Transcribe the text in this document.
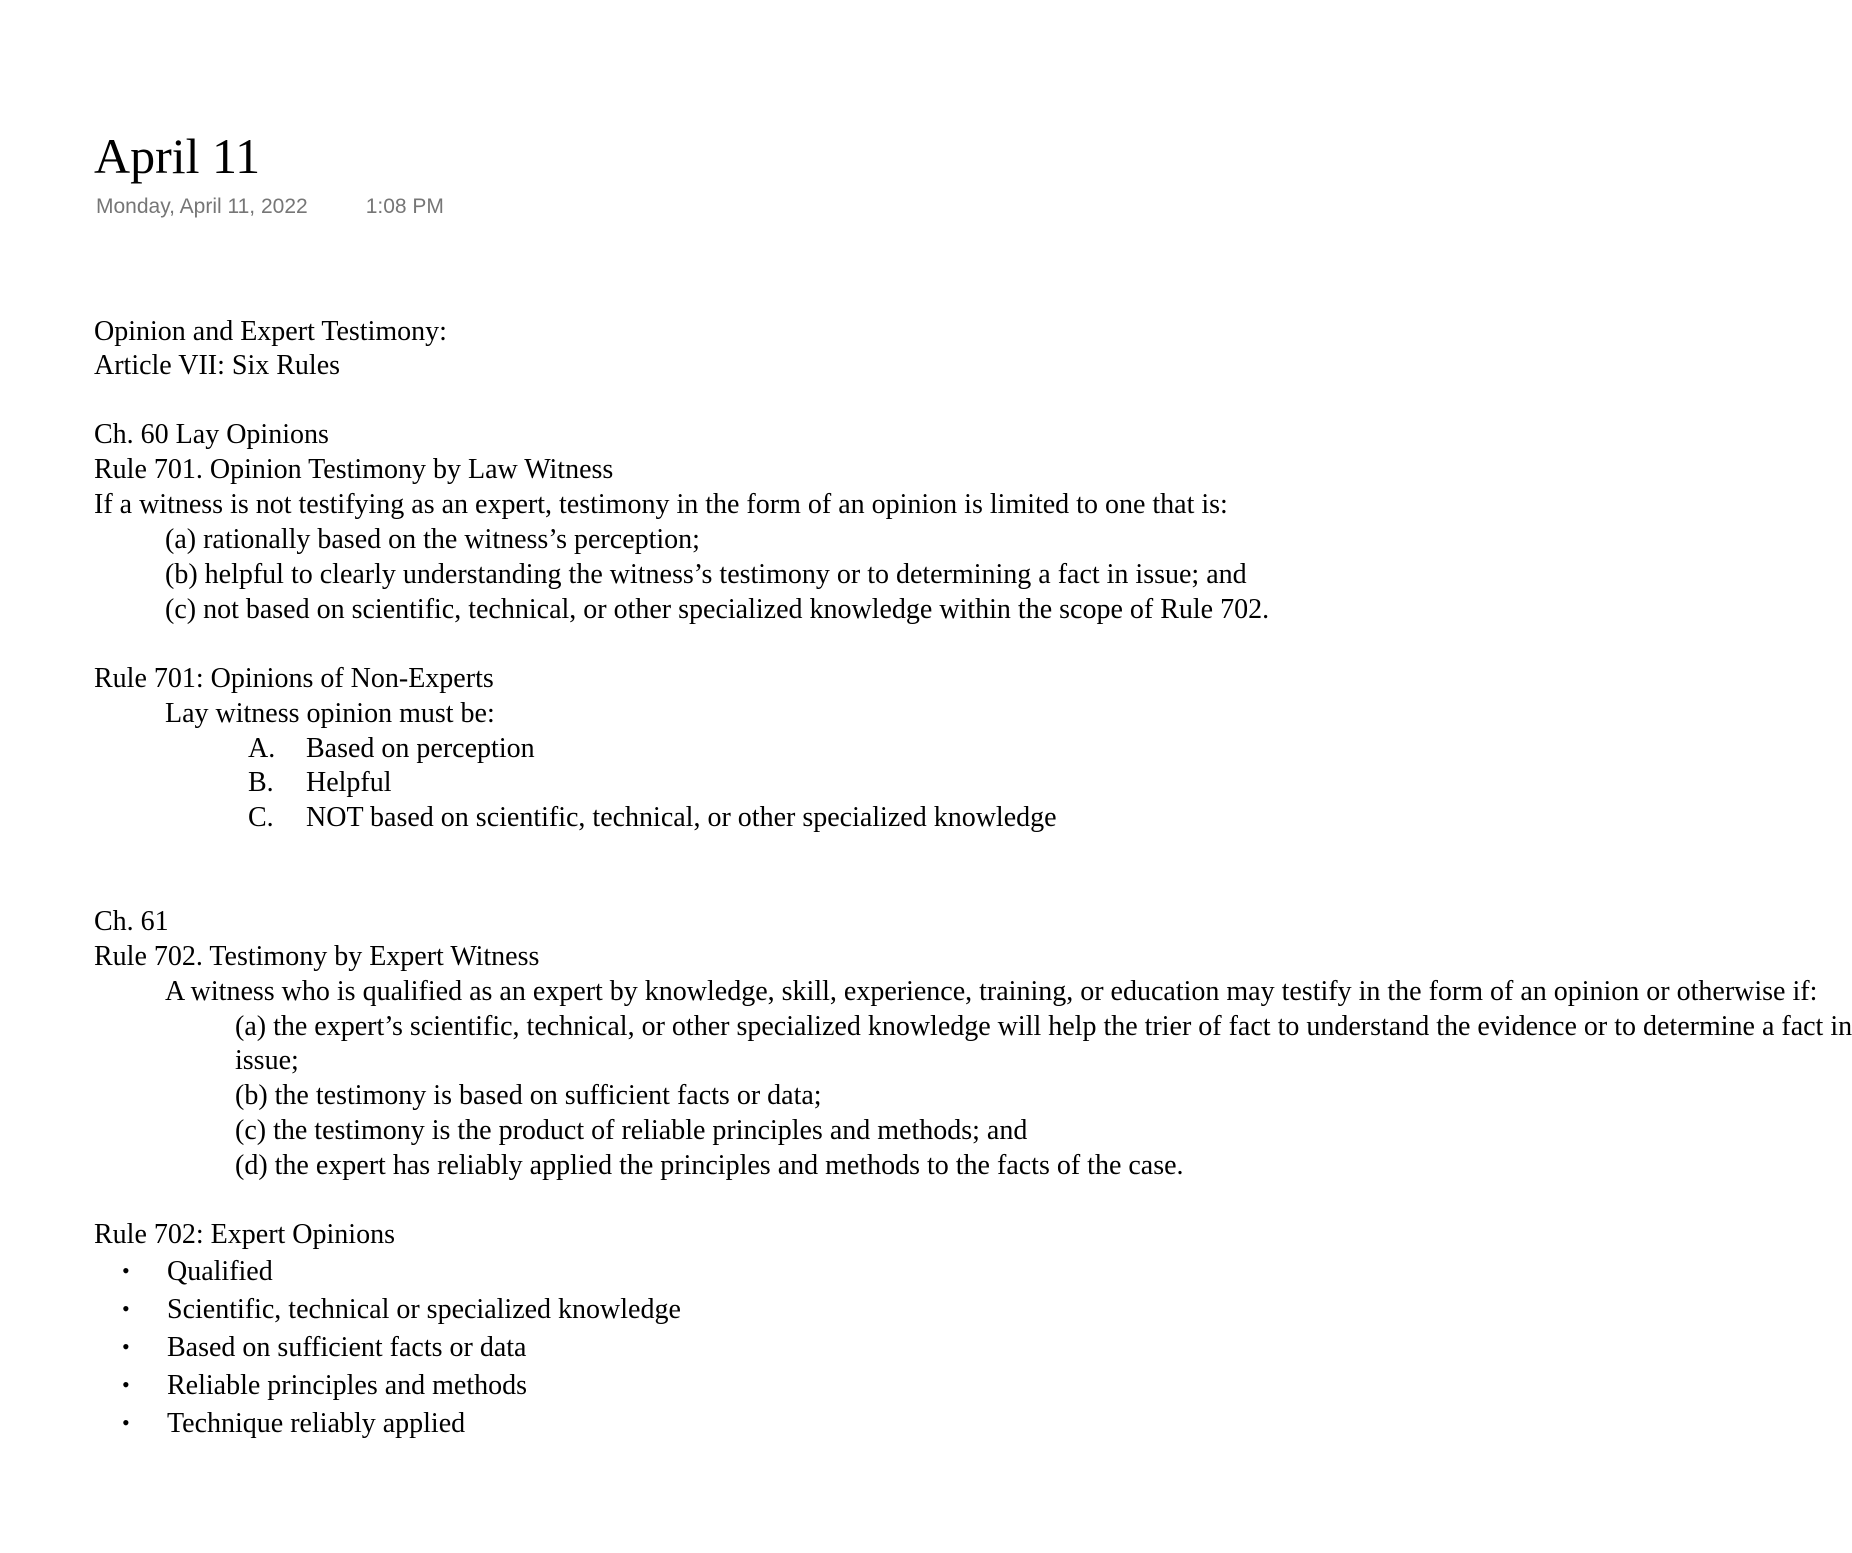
April 11
Monday, April 11, 2022	1:08 PM
Opinion and Expert Testimony:
Article VII: Six Rules
Ch. 60 Lay Opinions
Rule 701. Opinion Testimony by Law Witness
If a witness is not testifying as an expert, testimony in the form of an opinion is limited to one that is:
(a) rationally based on the witness’s perception;
(b) helpful to clearly understanding the witness’s testimony or to determining a fact in issue; and
(c) not based on scientific, technical, or other specialized knowledge within the scope of Rule 702.
Rule 701: Opinions of Non-Experts
Lay witness opinion must be:
A. Based on perception
B. Helpful
C. NOT based on scientific, technical, or other specialized knowledge
Ch. 61
Rule 702. Testimony by Expert Witness
A witness who is qualified as an expert by knowledge, skill, experience, training, or education may testify in the form of an opinion or otherwise if:
(a) the expert’s scientific, technical, or other specialized knowledge will help the trier of fact to understand the evidence or to determine a fact in
issue;
(b) the testimony is based on sufficient facts or data;
(c) the testimony is the product of reliable principles and methods; and
(d) the expert has reliably applied the principles and methods to the facts of the case.
Rule 702: Expert Opinions
• Qualified
• Scientific, technical or specialized knowledge
• Based on sufficient facts or data
• Reliable principles and methods
• Technique reliably applied
